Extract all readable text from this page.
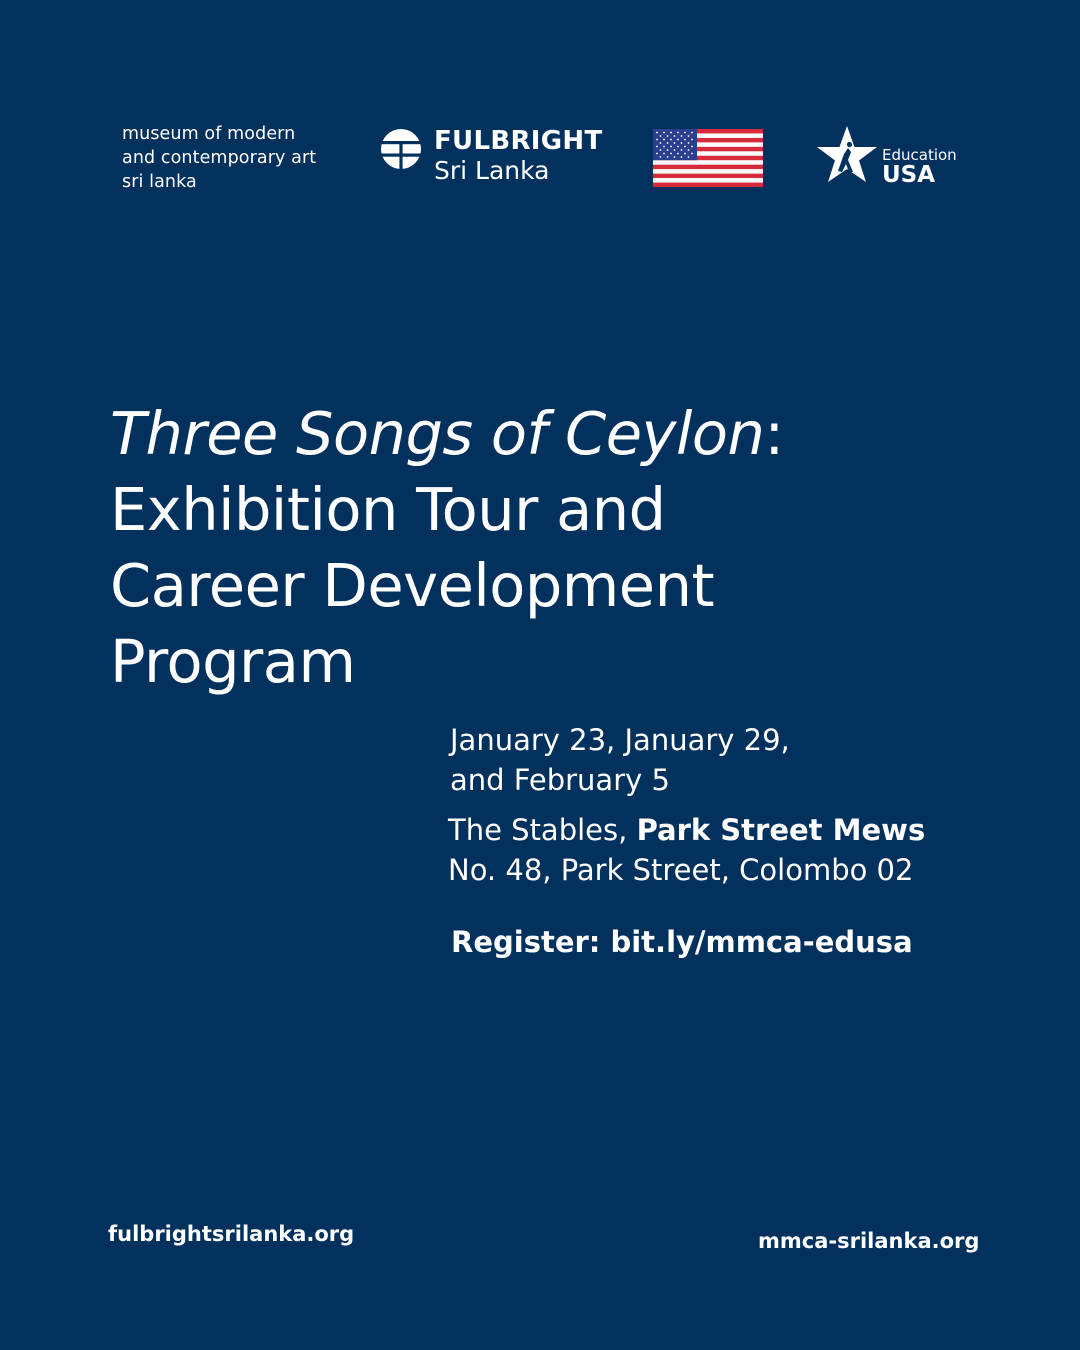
museum of modern
and contemporary art
sri lanka
FULBRIGHT
Sri Lanka
Education
USA
Three Songs of Ceylon:
Exhibition Tour and
Career Development
Program
January 23, January 29,
and February 5
The Stables, Park Street Mews
No. 48, Park Street, Colombo 02
Register: bit.ly/mmca-edusa
fulbrightsrilanka.org	mmca-srilanka.org
